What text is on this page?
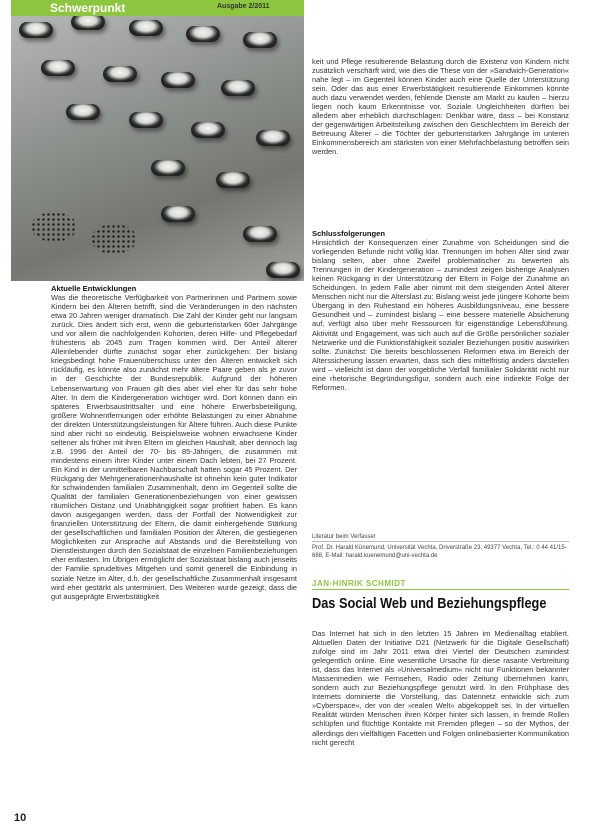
Schwerpunkt	Ausgabe 2/2011
Aktuelle Entwicklungen

Was die theoretische Verfügbarkeit von Partnerinnen und Partnern sowie Kindern bei den Älteren betrifft, sind die Veränderungen in den nächsten etwa 20 Jahren weniger dramatisch. Die Zahl der Kinder geht nur langsam zurück. Dies ändert sich erst, wenn die geburtenstarken 60er Jahrgänge und vor allem die nachfolgenden Kohorten, deren Hilfe- und Pflegebedarf frühestens ab 2045 zum Tragen kommen wird. Der Anteil älterer Alleinlebender dürfte zunächst sogar eher zurückgehen: Der bislang kriegsbedingt hohe Frauenüberschuss unter den Älteren entwickelt sich rückläufig, es könnte also zunächst mehr ältere Paare geben als je zuvor in der Geschichte der Bundesrepublik. Aufgrund der höheren Lebenserwartung von Frauen gilt dies aber viel eher für das sehr hohe Alter. In dem die Kindergeneration wichtiger wird. Dort können dann ein späteres Erwerbsaustrittsalter und eine höhere Erwerbsbeteiligung, größere Wohnentfernungen oder erhöhte Belastungen zu einer Abnahme der direkten Unterstützungsleistungen für Ältere führen. Auch diese Punkte sind aber nicht so eindeutig. Beispielsweise wohnen erwachsene Kinder seltener als früher mit ihren Eltern im gleichen Haushalt, aber dennoch lag z.B. 1996 der Anteil der 70- bis 85-Jährigen, die zusammen mit mindestens einem ihrer Kinder unter einem Dach lebten, bei 27 Prozent. Ein Kind in der unmittelbaren Nachbarschaft hatten sogar 45 Prozent. Der Rückgang der Mehrgenerationenhaushalte ist ohnehin kein guter Indikator für schwindenden familialen Zusammenhalt, denn im Gegenteil sollte die Qualität der familialen Generationenbeziehungen von einer gewissen räumlichen Distanz und Unabhängigkeit sogar profitiert haben. Es kann davon ausgegangen werden, dass der Fortfall der Notwendigkeit zur finanziellen Unterstützung der Eltern, die damit einhergehende Stärkung der gesellschaftlichen und familialen Position der Älteren, die gestiegenen Möglichkeiten zur Ansprache auf Abstands und die Bereitstellung von Dienstleistungen durch den Sozialstaat die einzelnen Familienbeziehungen eher entlasten. Im Übrigen ermöglicht der Sozialstaat bislang auch jenseits der Familie sprudeltives Mitgehen und somit generell die Einbindung in soziale Netze im Alter, d.h. der gesellschaftliche Zusammenhalt insgesamt wird eher gestärkt als unterminiert. Des Weiteren wurde gezeigt, dass die gut ausgeprägte Erwerbstätigkeit

keit und Pflege resultierende Belastung durch die Existenz von Kindern nicht zusätzlich verschärft wird, wie dies die These von der »Sandwich-Generation« nahe legt – im Gegenteil können Kinder auch eine Quelle der Unterstützung sein. Oder das aus einer Erwerbstätigkeit resultierende Einkommen könnte auch dazu verwendet werden, fehlende Dienste am Markt zu kaufen – hierzu liegen noch kaum Erkenntnisse vor. Soziale Ungleichheiten dürften bei alledem aber erheblich durchschlagen: Denkbar wäre, dass – bei Konstanz der gegenwärtigen Arbeitsteilung zwischen den Geschlechtern im Bereich der Betreuung Älterer – die Töchter der geburtenstarken Jahrgänge im unteren Einkommensbereich am stärksten von einer Mehrfachbelastung betroffen sein werden.

Schlussfolgerungen

Hinsichtlich der Konsequenzen einer Zunahme von Scheidungen sind die vorliegenden Befunde nicht völlig klar. Trennungen im hohen Alter sind zwar bislang selten, aber ohne Zweifel problematischer zu bewerten als Trennungen in der Kindergeneration – zumindest zeigen bisherige Analysen keinen Rückgang in der Unterstützung der Eltern in Folge der Zunahme an Scheidungen. In jedem Falle aber nimmt mit dem steigenden Anteil älterer Menschen nicht nur die Alterslast zu: Bislang weist jede jüngere Kohorte beim Übergang in den Ruhestand ein höheres Ausbildungsniveau, eine bessere Gesundheit und – zumindest bislang – eine bessere materielle Absicherung auf, verfügt also über mehr Ressourcen für eigenständige Lebensführung. Aktivität und Engagement, was sich auch auf die Größe persönlicher sozialer Netzwerke und die Funktionsfähigkeit sozialer Beziehungen positiv auswirken sollte. Zunächst: Die bereits beschlossenen Reformen etwa im Bereich der Alterssicherung lassen erwarten, dass sich dies mittelfristig anders darstellen wird – vielleicht ist dann der vorgebliche Verfall familialer Solidarität nicht nur eine rhetorische Begründungsfigur, sondern auch eine indirekte Folge der Reformen.

Literatur beim Verfasser
Prof. Dr. Harald Künemund, Universität Vechta, Driverstraße 23, 49377 Vechta, Tel.: 0 44 41/15-688, E-Mail: harald.kuenemund@uni-vechta.de
JAN-HINRIK SCHMIDT
Das Social Web und Beziehungspflege

Das Internet hat sich in den letzten 15 Jahren im Medienalltag etabliert. Aktuellen Daten der Initiative D21 (Netzwerk für die Digitale Gesellschaft) zufolge sind im Jahr 2011 etwa drei Viertel der Deutschen zumindest gelegentlich online. Eine wesentliche Ursache für diese rasante Verbreitung ist, dass das Internet als »Universalmedium« nicht nur Funktionen bekannter Massenmedien wie Fernsehen, Radio oder Zeitung übernehmen kann, sondern auch zur Beziehungspflege genutzt wird. In den Frühphase des Internets dominierte die Vorstellung, das Datennetz entwickle sich zum »Cyberspace«, der von der »realen Welt« abgekoppelt sei. In der virtuellen Realität würden Menschen ihren Körper hinter sich lassen, in fremde Rollen schlüpfen und flüchtige Kontakte mit Fremden pflegen – so der Mythos, der allerdings den vielfältigen Facetten und Folgen onlinebasierter Kommunikation nicht gerecht

10
